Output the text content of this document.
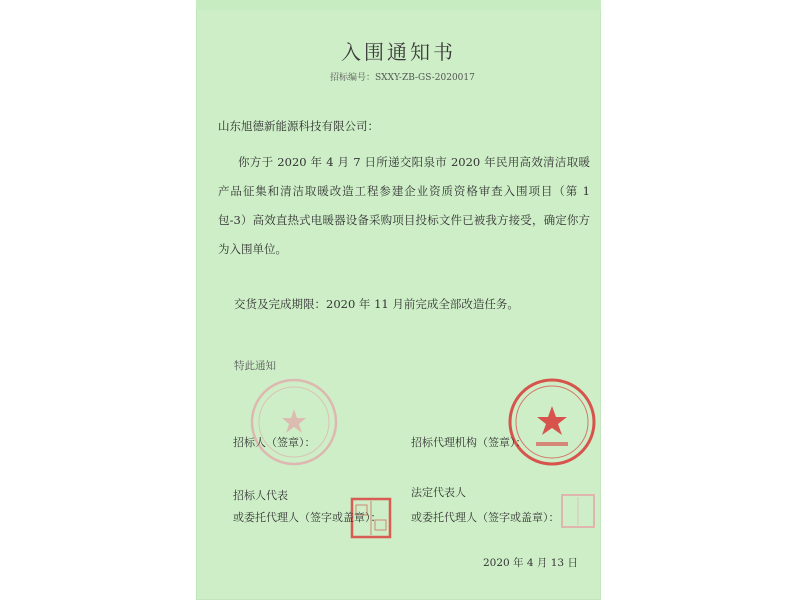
入围通知书
招标编号：SXXY-ZB-GS-2020017
山东旭德新能源科技有限公司：
你方于 2020 年 4 月 7 日所递交阳泉市 2020 年民用高效清洁取暖产品征集和清洁取暖改造工程参建企业资质资格审查入围项目（第 1 包-3）高效直热式电暖器设备采购项目投标文件已被我方接受，确定你方为入围单位。
交货及完成期限：2020 年 11 月前完成全部改造任务。
特此通知
招标人（签章）：	招标代理机构（签章）：
招标人代表	法定代表人
或委托代理人（签字或盖章）：	或委托代理人（签字或盖章）：
2020 年 4 月 13 日
